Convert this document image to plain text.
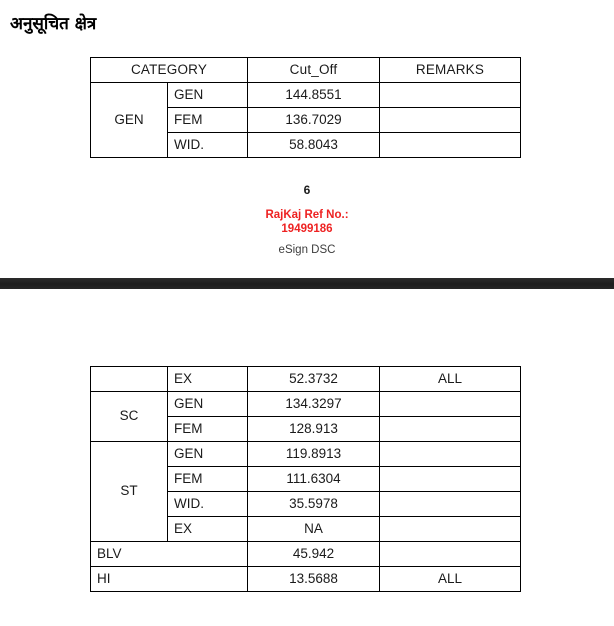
अनुसूचित क्षेत्र
CATEGORY		Cut_Off	REMARKS
GEN	GEN	144.8551	
	FEM	136.7029	
	WID.	58.8043	
6
RajKaj Ref No.:
19499186
eSign DSC
	EX	52.3732	ALL
SC	GEN	134.3297	
	FEM	128.913	
ST	GEN	119.8913	
	FEM	111.6304	
	WID.	35.5978	
	EX	NA	
BLV		45.942	
HI		13.5688	ALL
